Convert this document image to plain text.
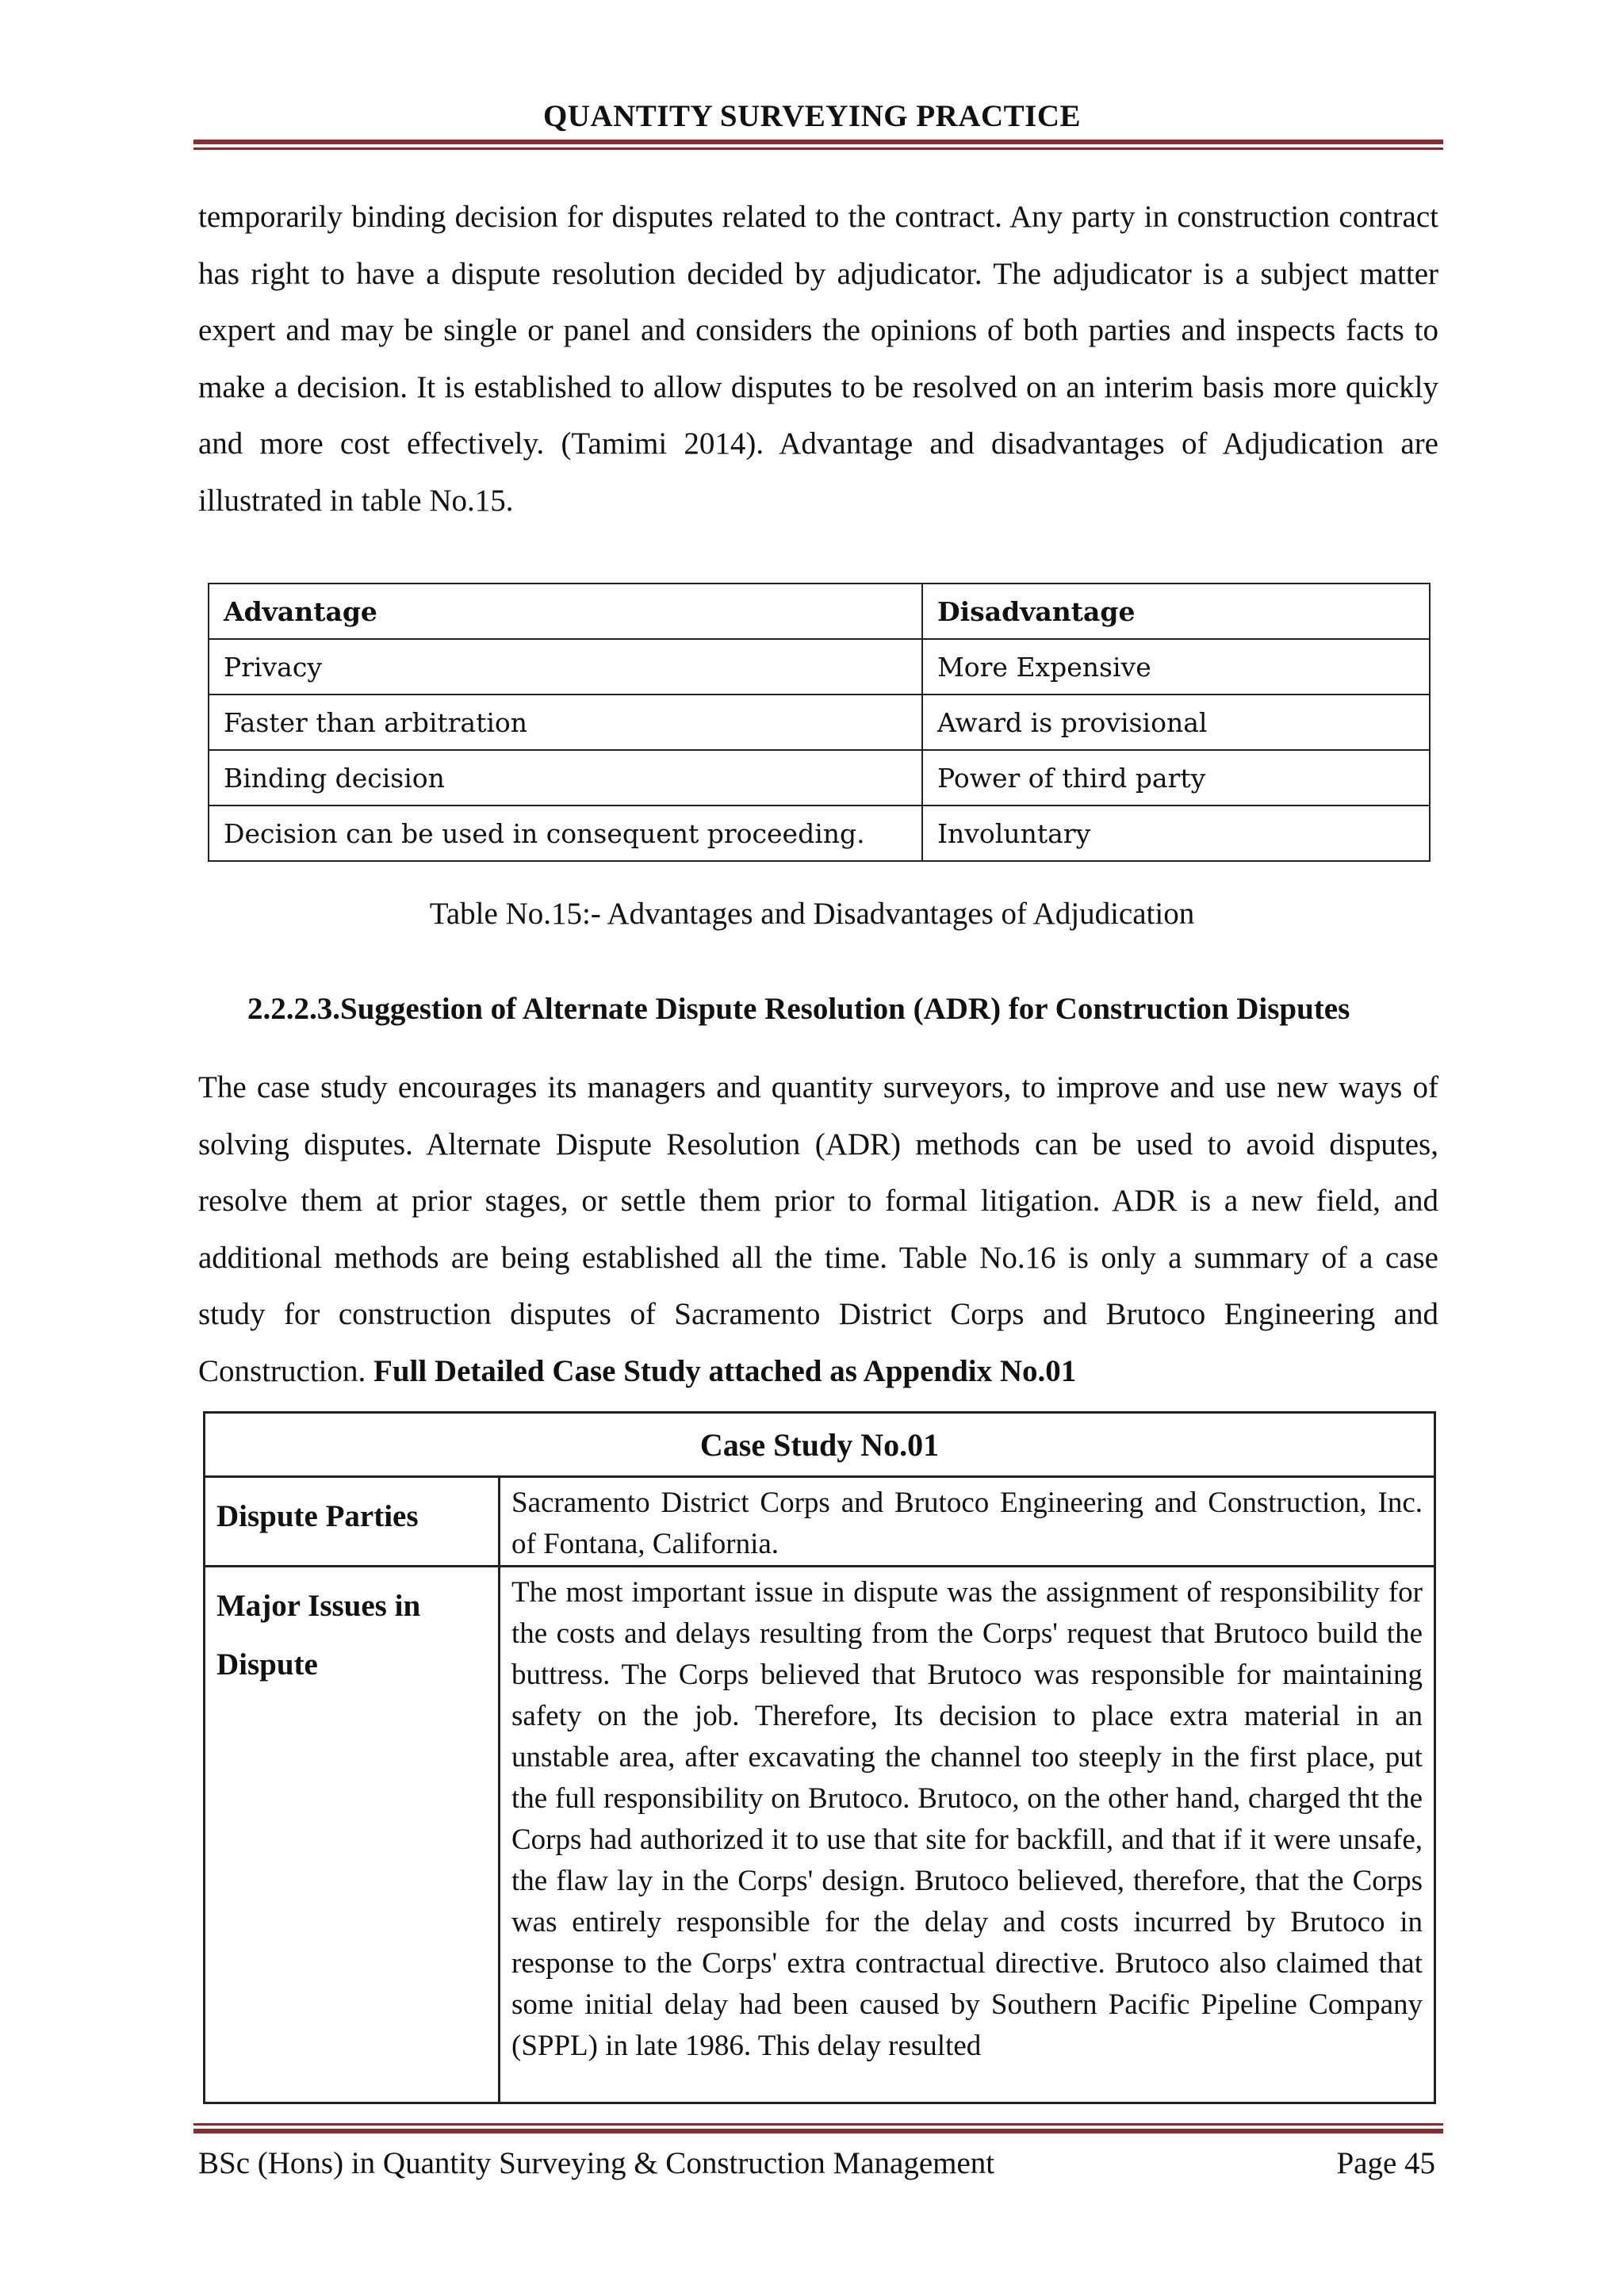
QUANTITY SURVEYING PRACTICE

temporarily binding decision for disputes related to the contract. Any party in construction contract has right to have a dispute resolution decided by adjudicator. The adjudicator is a subject matter expert and may be single or panel and considers the opinions of both parties and inspects facts to make a decision. It is established to allow disputes to be resolved on an interim basis more quickly and more cost effectively. (Tamimi 2014). Advantage and disadvantages of Adjudication are illustrated in table No.15.

Advantage	Disadvantage
Privacy	More Expensive
Faster than arbitration	Award is provisional
Binding decision	Power of third party
Decision can be used in consequent proceeding.	Involuntary

Table No.15:- Advantages and Disadvantages of Adjudication

2.2.2.3.Suggestion of Alternate Dispute Resolution (ADR) for Construction Disputes

The case study encourages its managers and quantity surveyors, to improve and use new ways of solving disputes. Alternate Dispute Resolution (ADR) methods can be used to avoid disputes, resolve them at prior stages, or settle them prior to formal litigation. ADR is a new field, and additional methods are being established all the time. Table No.16 is only a summary of a case study for construction disputes of Sacramento District Corps and Brutoco Engineering and Construction. Full Detailed Case Study attached as Appendix No.01

Case Study No.01	
Dispute Parties	Sacramento District Corps and Brutoco Engineering and Construction, Inc. of Fontana, California.
Major Issues in Dispute	The most important issue in dispute was the assignment of responsibility for the costs and delays resulting from the Corps' request that Brutoco build the buttress. The Corps believed that Brutoco was responsible for maintaining safety on the job. Therefore, Its decision to place extra material in an unstable area, after excavating the channel too steeply in the first place, put the full responsibility on Brutoco. Brutoco, on the other hand, charged tht the Corps had authorized it to use that site for backfill, and that if it were unsafe, the flaw lay in the Corps' design. Brutoco believed, therefore, that the Corps was entirely responsible for the delay and costs incurred by Brutoco in response to the Corps' extra contractual directive. Brutoco also claimed that some initial delay had been caused by Southern Pacific Pipeline Company (SPPL) in late 1986. This delay resulted

BSc (Hons) in Quantity Surveying & Construction Management	Page 45
